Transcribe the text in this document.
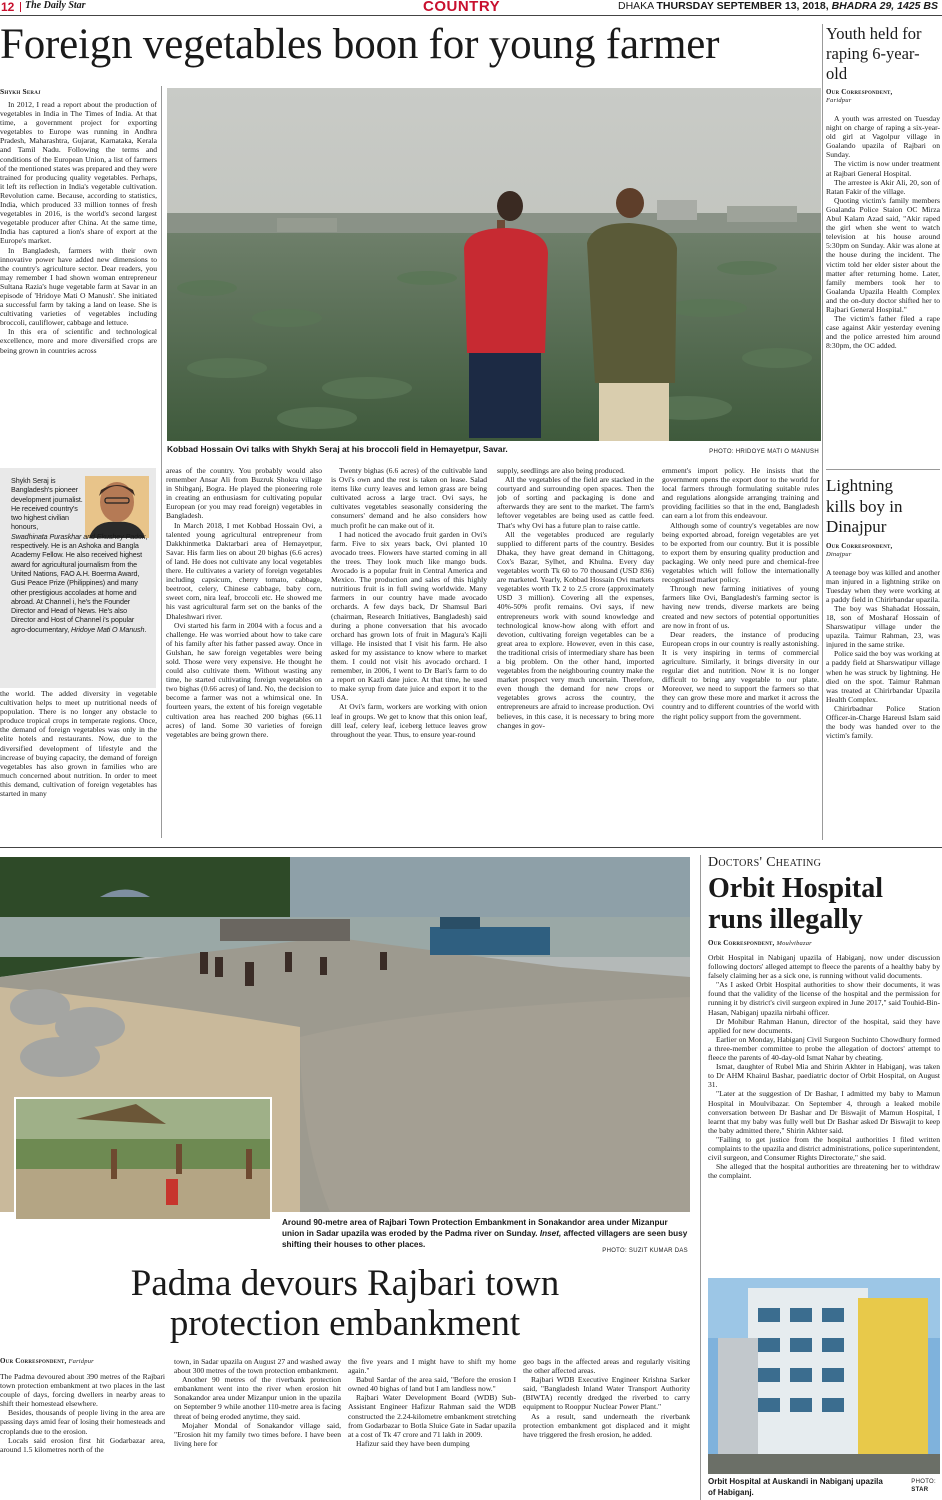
12 The Daily Star	COUNTRY	DHAKA THURSDAY SEPTEMBER 13, 2018, BHADRA 29, 1425 BS
Foreign vegetables boon for young farmer
Kobbad Hossain Ovi talks with Shykh Seraj at his broccoli field in Hemayetpur, Savar.	PHOTO: HRIDOYE MATI O MANUSH
Shykh Seraj

In 2012, I read a report about the production of vegetables in India in The Times of India. At that time, a government project for exporting vegetables to Europe was running in Andhra Pradesh, Maharashtra, Gujarat, Karnataka, Kerala and Tamil Nadu. Following the terms and conditions of the European Union, a list of farmers of the mentioned states was prepared and they were trained for producing quality vegetables. Perhaps, it left its reflection in India's vegetable cultivation. Revolution came. Because, according to statistics, India, which produced 33 million tonnes of fresh vegetables in 2016, is the world's second largest vegetable producer after China. At the same time, India has captured a lion's share of export at the Europe's market.

In Bangladesh, farmers with their own innovative power have added new dimensions to the country's agriculture sector. Dear readers, you may remember I had shown woman entrepreneur Sultana Razia's huge vegetable farm at Savar in an episode of 'Hridoye Mati O Manush'. She initiated a successful farm by taking a land on lease. She is cultivating varieties of vegetables including broccoli, cauliflower, cabbage and lettuce.

In this era of scientific and technological excellence, more and more diversified crops are being grown in countries across

Shykh Seraj is Bangladesh's pioneer development journalist. He received country's two highest civilian honours,
Swadhinata Puraskhar and Ekushey Padok, respectively. He is an Ashoka and Bangla Academy Fellow. He also received highest award for agricultural journalism from the United Nations, FAO A.H. Boerma Award, Gusi Peace Prize (Philippines) and many other prestigious accolades at home and abroad. At Channel i, he's the Founder Director and Head of News. He's also Director and Host of Channel i's popular agro-documentary, Hridoye Mati O Manush.

the world. The added diversity in vegetable cultivation helps to meet up nutritional needs of population. There is no longer any obstacle to produce tropical crops in temperate regions. Once, the demand of foreign vegetables was only in the elite hotels and restaurants. Now, due to the diversified development of lifestyle and the increase of buying capacity, the demand of foreign vegetables has also grown in families who are much concerned about nutrition. In order to meet this demand, cultivation of foreign vegetables has started in many

areas of the country. You probably would also remember Ansar Ali from Buzruk Shokra village in Shibganj, Bogra. He played the pioneering role in creating an enthusiasm for cultivating popular European (or you may read foreign) vegetables in Bangladesh.

In March 2018, I met Kobbad Hossain Ovi, a talented young agricultural entrepreneur from Dakkhinmetka Daktarbari area of Hemayetpur, Savar. His farm lies on about 20 bighas (6.6 acres) of land. He does not cultivate any local vegetables there. He cultivates a variety of foreign vegetables including capsicum, cherry tomato, cabbage, beetroot, celery, Chinese cabbage, baby corn, sweet corn, nira leaf, broccoli etc. He showed me his vast agricultural farm set on the banks of the Dhaleshwari river.

Ovi started his farm in 2004 with a focus and a challenge. He was worried about how to take care of his family after his father passed away. Once in Gulshan, he saw foreign vegetables were being sold. Those were very expensive. He thought he could also cultivate them. Without wasting any time, he started cultivating foreign vegetables on two bighas (0.66 acres) of land. No, the decision to become a farmer was not a whimsical one. In fourteen years, the extent of his foreign vegetable cultivation area has reached 200 bighas (66.11 acres) of land. Some 30 varieties of foreign vegetables are being grown there.

Twenty bighas (6.6 acres) of the cultivable land is Ovi's own and the rest is taken on lease. Salad items like curry leaves and lemon grass are being cultivated across a large tract. Ovi says, he cultivates vegetables seasonally considering the consumers' demand and he also considers how much profit he can make out of it.

I had noticed the avocado fruit garden in Ovi's farm. Five to six years back, Ovi planted 10 avocado trees. Flowers have started coming in all the trees. They look much like mango buds. Avocado is a popular fruit in Central America and Mexico. The production and sales of this highly nutritious fruit is in full swing worldwide. Many farmers in our country have made avocado orchards. A few days back, Dr Shamsul Bari (chairman, Research Initiatives, Bangladesh) said during a phone conversation that his avocado orchard has grown lots of fruit in Magura's Kajli village. He insisted that I visit his farm. He also asked for my assistance to know where to market them. I could not visit his avocado orchard. I remember, in 2006, I went to Dr Bari's farm to do a report on Kazli date juice. At that time, he used to make syrup from date juice and export it to the USA.

At Ovi's farm, workers are working with onion leaf in groups. We get to know that this onion leaf, dill leaf, celery leaf, iceberg lettuce leaves grow throughout the year. Thus, to ensure year-round

supply, seedlings are also being produced.

All the vegetables of the field are stacked in the courtyard and surrounding open spaces. Then the job of sorting and packaging is done and afterwards they are sent to the market. The farm's leftover vegetables are being used as cattle feed. That's why Ovi has a future plan to raise cattle.

All the vegetables produced are regularly supplied to different parts of the country. Besides Dhaka, they have great demand in Chittagong, Cox's Bazar, Sylhet, and Khulna. Every day vegetables worth Tk 60 to 70 thousand (USD 836) are marketed. Yearly, Kobbad Hossain Ovi markets vegetables worth Tk 2 to 2.5 crore (approximately USD 3 million). Covering all the expenses, 40%-50% profit remains. Ovi says, if new entrepreneurs work with sound knowledge and technological know-how along with effort and devotion, cultivating foreign vegetables can be a great area to explore. However, even in this case, the traditional crisis of intermediary share has been a big problem. On the other hand, imported vegetables from the neighbouring country make the market prospect very much uncertain. Therefore, even though the demand for new crops or vegetables grows across the country, the entrepreneurs are afraid to increase production. Ovi believes, in this case, it is necessary to bring more changes in gov-

ernment's import policy. He insists that the government opens the export door to the world for local farmers through formulating suitable rules and regulations alongside arranging training and providing facilities so that in the end, Bangladesh can earn a lot from this endeavour.

Although some of country's vegetables are now being exported abroad, foreign vegetables are yet to be exported from our country. But it is possible to export them by ensuring quality production and packaging. We only need pure and chemical-free vegetables which will follow the internationally recognised market policy.

Through new farming initiatives of young farmers like Ovi, Bangladesh's farming sector is having new trends, diverse markets are being created and new sectors of potential opportunities are now in front of us.

Dear readers, the instance of producing European crops in our country is really astonishing. It is very inspiring in terms of commercial agriculture. Similarly, it brings diversity in our regular diet and nutrition. Now it is no longer difficult to bring any vegetable to our plate. Moreover, we need to support the farmers so that they can grow these more and market it across the country and to different countries of the world with the right policy support from the government.

Youth held for raping 6-year-old
Our Correspondent,
Faridpur

A youth was arrested on Tuesday night on charge of raping a six-year-old girl at Vagolpur village in Goalando upazila of Rajbari on Sunday.

The victim is now under treatment at Rajbari General Hospital.

The arrestee is Akir Ali, 20, son of Ratan Fakir of the village.

Quoting victim's family members Goalanda Police Staion OC Mirza Abul Kalam Azad said, "Akir raped the girl when she went to watch television at his house around 5:30pm on Sunday. Akir was alone at the house during the incident. The victim told her elder sister about the matter after returning home. Later, family members took her to Goalanda Upazila Health Complex and the on-duty doctor shifted her to Rajbari General Hospital."

The victim's father filed a rape case against Akir yesterday evening and the police arrested him around 8:30pm, the OC added.

Lightning kills boy in Dinajpur
Our Correspondent,
Dinajpur

A teenage boy was killed and another man injured in a lightning strike on Tuesday when they were working at a paddy field in Chirirbandar upazila.

The boy was Shahadat Hossain, 18, son of Mosharaf Hossain of Sharswatipur village under the upazila. Taimur Rahman, 23, was injured in the same strike.

Police said the boy was working at a paddy field at Sharswatipur village when he was struck by lightning. He died on the spot. Taimur Rahman was treated at Chirirbandar Upazila Health Complex.

Chirirbadnar Police Station Officer-in-Charge Hareusl Islam said the body was handed over to the victim's family.

Around 90-metre area of Rajbari Town Protection Embankment in Sonakandor area under Mizanpur union in Sadar upazila was eroded by the Padma river on Sunday. Inset, affected villagers are seen busy shifting their houses to other places.
PHOTO: SUZIT KUMAR DAS
Padma devours Rajbari town
protection embankment
Our Correspondent, Faridpur

The Padma devoured about 390 metres of the Rajbari town protection embankment at two places in the last couple of days, forcing dwellers in nearby areas to shift their homestead elsewhere.

Besides, thousands of people living in the area are passing days amid fear of losing their homesteads and croplands due to the erosion.

Locals said erosion first hit Godarbazar area, around 1.5 kilometres north of the

town, in Sadar upazila on August 27 and washed away about 300 metres of the town protection embankment.

Another 90 metres of the riverbank protection embankment went into the river when erosion hit Sonakandor area under Mizanpur union in the upazila on September 9 while another 110-metre area is facing threat of being eroded anytime, they said.

Mojaher Mondal of Sonakandor village said, "Erosion hit my family two times before. I have been living here for

the five years and I might have to shift my home again."

Babul Sardar of the area said, "Before the erosion I owned 40 bighas of land but I am landless now."

Rajbari Water Development Board (WDB) Sub-Assistant Engineer Hafizur Rahman said the WDB constructed the 2.24-kilometre embankment stretching from Godarbazar to Botla Sluice Gate in Sadar upazila at a cost of Tk 47 crore and 71 lakh in 2009.

Hafizur said they have been dumping

geo bags in the affected areas and regularly visiting the other affected areas.

Rajbari WDB Executive Engineer Krishna Sarker said, "Bangladesh Inland Water Transport Authority (BIWTA) recently dredged the riverbed to carry equipment to Rooppur Nuclear Power Plant."

As a result, sand underneath the riverbank protection embankment got displaced and it might have triggered the fresh erosion, he added.

Doctors' Cheating
Orbit Hospital
runs illegally
Our Correspondent, Moulvibazar

Orbit Hospital in Nabiganj upazila of Habiganj, now under discussion following doctors' alleged attempt to fleece the parents of a healthy baby by falsely claiming her as a sick one, is running without valid documents.

"As I asked Orbit Hospital authorities to show their documents, it was found that the validity of the license of the hospital and the permission for running it by district's civil surgeon expired in June 2017," said Touhid-Bin-Hasan, Nabiganj upazila nirbahi officer.

Dr Mohibur Rahman Hanun, director of the hospital, said they have applied for new documents.

Earlier on Monday, Habiganj Civil Surgeon Suchinto Chowdhury formed a three-member committee to probe the allegation of doctors' attempt to fleece the parents of 40-day-old Ismat Nahar by cheating.

Ismat, daughter of Rubel Mia and Shirin Akhter in Habiganj, was taken to Dr AHM Khairul Bashar, paediatric doctor of Orbit Hospital, on August 31.

"Later at the suggestion of Dr Bashar, I admitted my baby to Mamun Hospital in Moulvibazar. On September 4, through a leaked mobile conversation between Dr Bashar and Dr Biswajit of Mamun Hospital, I learnt that my baby was fully well but Dr Bashar asked Dr Biswajit to keep the baby admitted there," Shirin Akhter said.

"Failing to get justice from the hospital authorities I filed written complaints to the upazila and district administrations, police superintendent, civil surgeon, and Consumer Rights Directorate," she said.

She alleged that the hospital authorities are threatening her to withdraw the complaint.

Orbit Hospital at Auskandi in Nabiganj upazila of Habiganj.
PHOTO:
STAR
